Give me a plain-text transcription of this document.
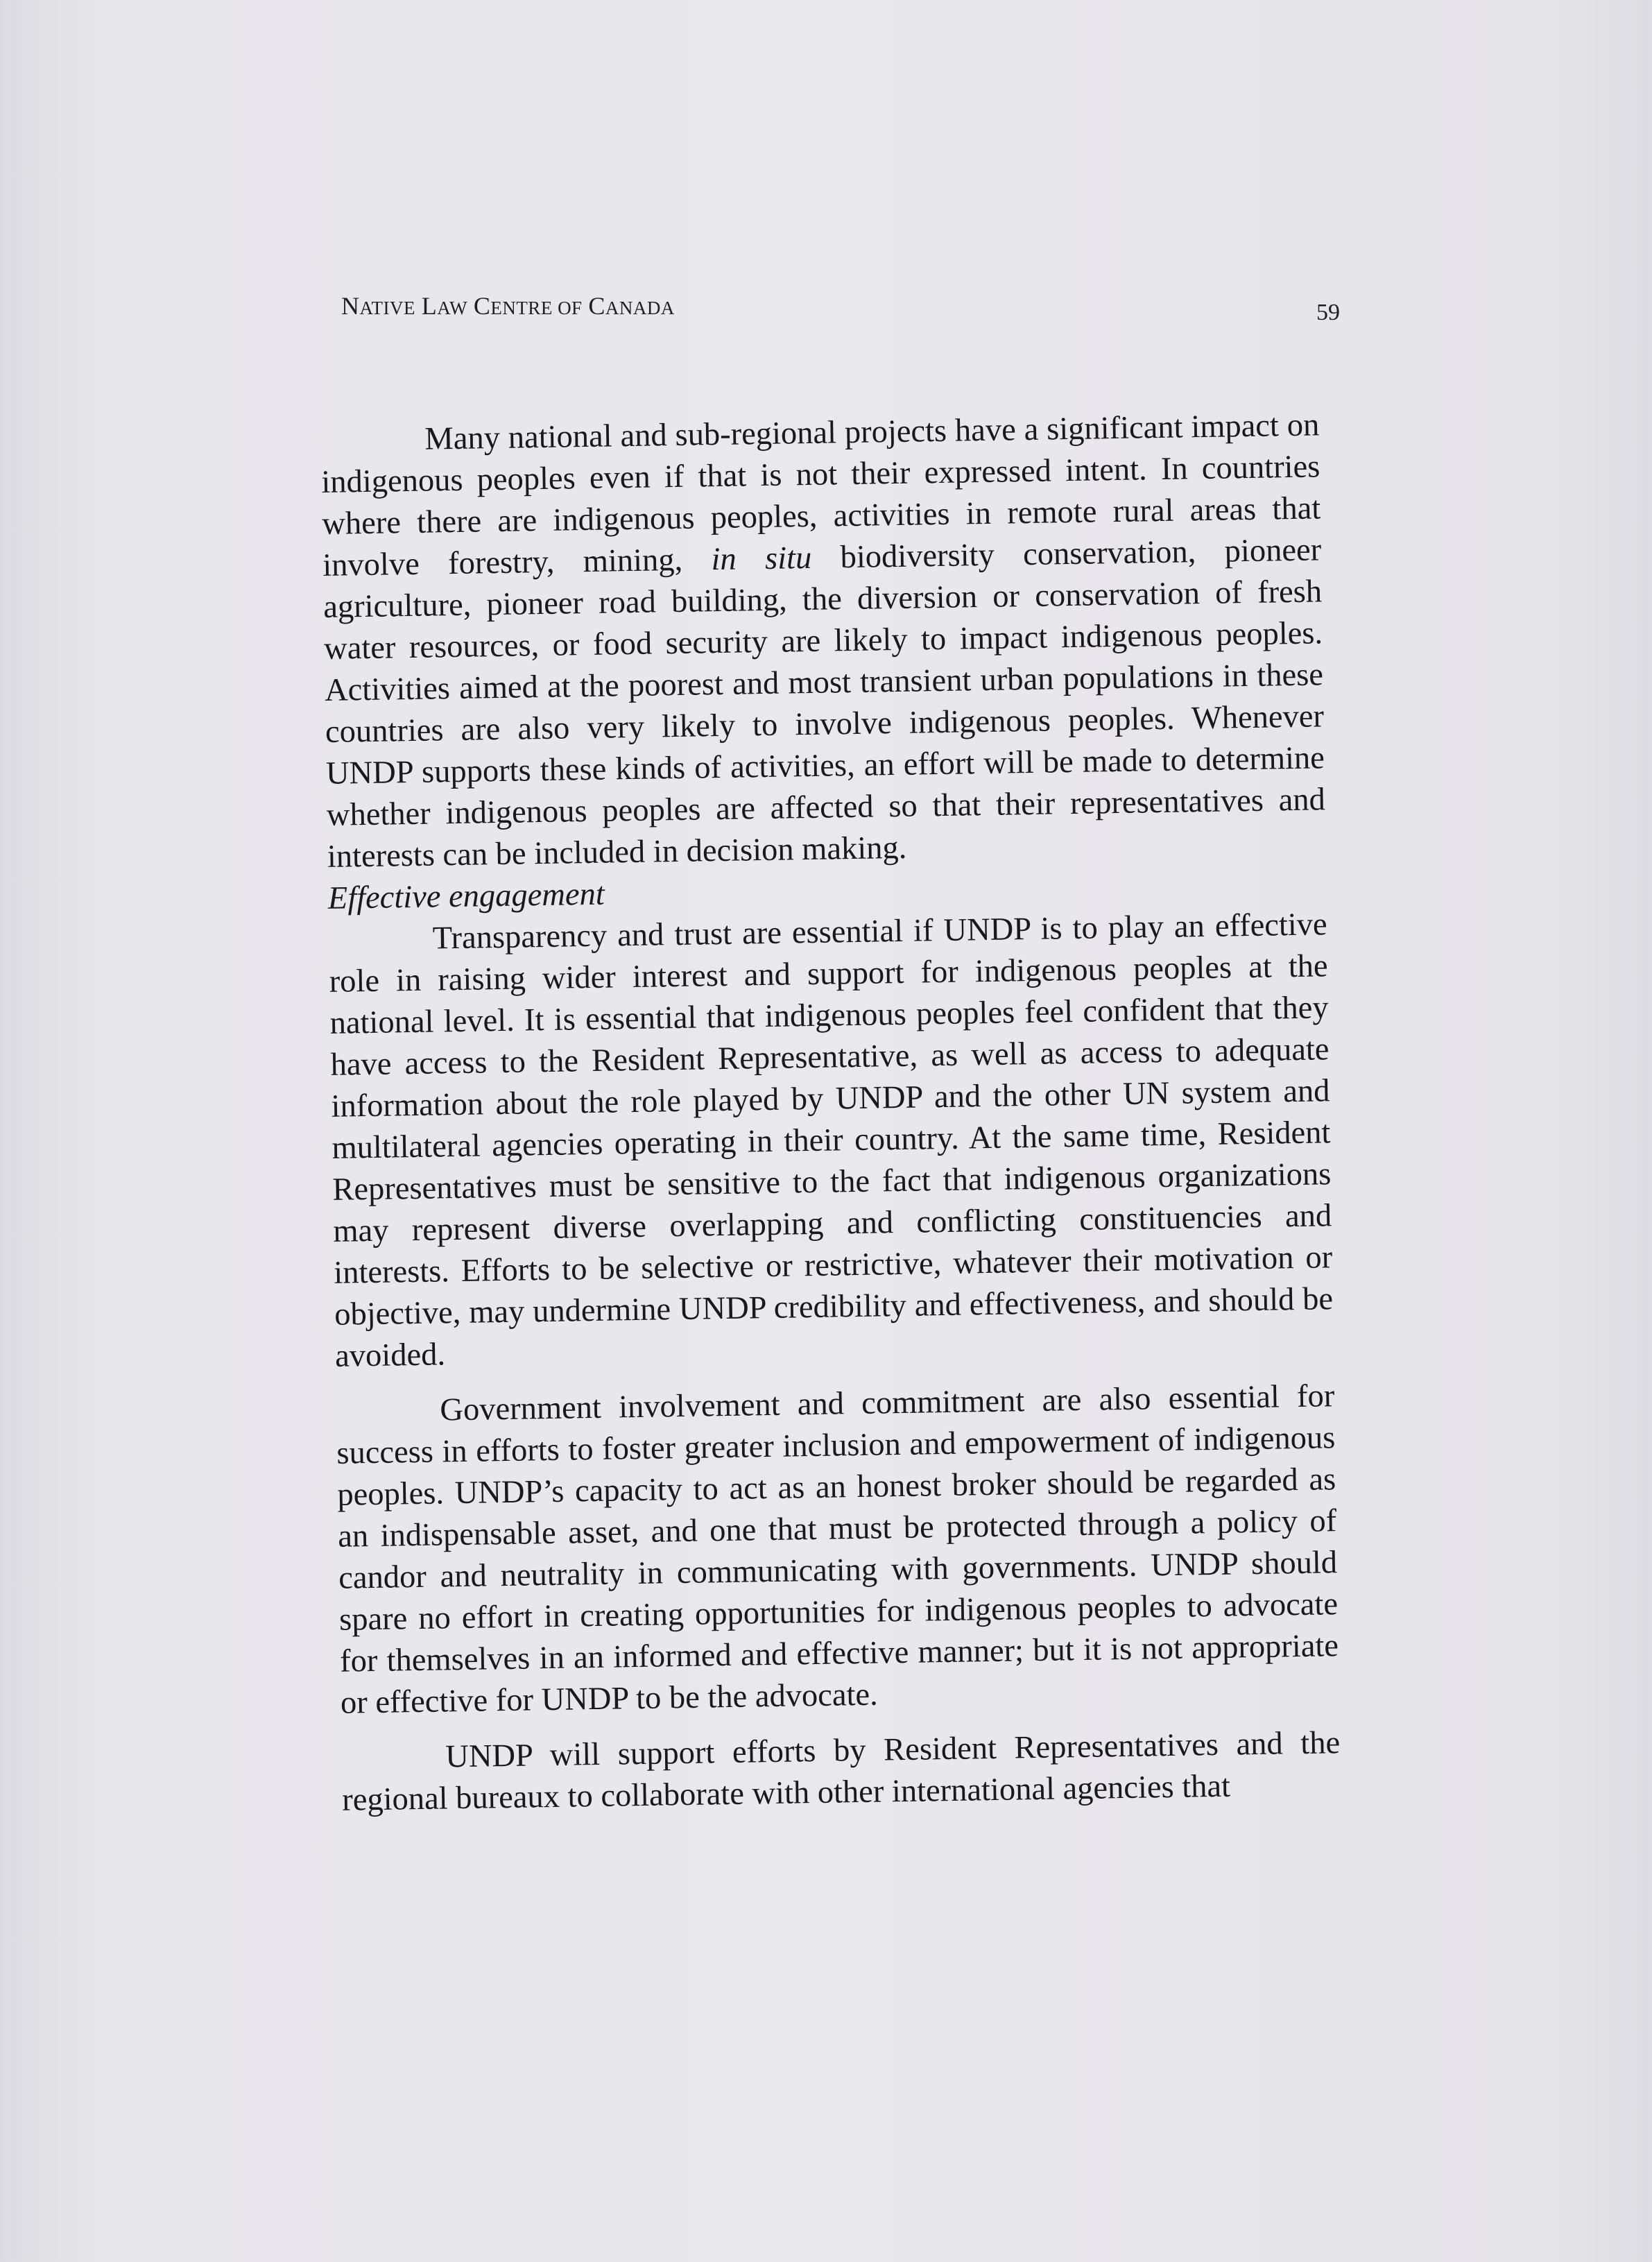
NATIVE LAW CENTRE OF CANADA	59

Many national and sub-regional projects have a significant impact on indigenous peoples even if that is not their expressed intent. In countries where there are indigenous peoples, activities in remote rural areas that involve forestry, mining, in situ biodiversity conservation, pioneer agriculture, pioneer road building, the diversion or conservation of fresh water resources, or food security are likely to impact indigenous peoples. Activities aimed at the poorest and most transient urban populations in these countries are also very likely to involve indigenous peoples. Whenever UNDP supports these kinds of activities, an effort will be made to determine whether indigenous peoples are affected so that their representatives and interests can be included in decision making.

Effective engagement

Transparency and trust are essential if UNDP is to play an effective role in raising wider interest and support for indigenous peoples at the national level. It is essential that indigenous peoples feel confident that they have access to the Resident Representative, as well as access to adequate information about the role played by UNDP and the other UN system and multilateral agencies operating in their country. At the same time, Resident Representatives must be sensitive to the fact that indigenous organizations may represent diverse overlapping and conflicting constituencies and interests. Efforts to be selective or restrictive, whatever their motivation or objective, may undermine UNDP credibility and effectiveness, and should be avoided.

Government involvement and commitment are also essential for success in efforts to foster greater inclusion and empowerment of indigenous peoples. UNDP’s capacity to act as an honest broker should be regarded as an indispensable asset, and one that must be protected through a policy of candor and neutrality in communicating with governments. UNDP should spare no effort in creating opportunities for indigenous peoples to advocate for themselves in an informed and effective manner; but it is not appropriate or effective for UNDP to be the advocate.

UNDP will support efforts by Resident Representatives and the regional bureaux to collaborate with other international agencies that
